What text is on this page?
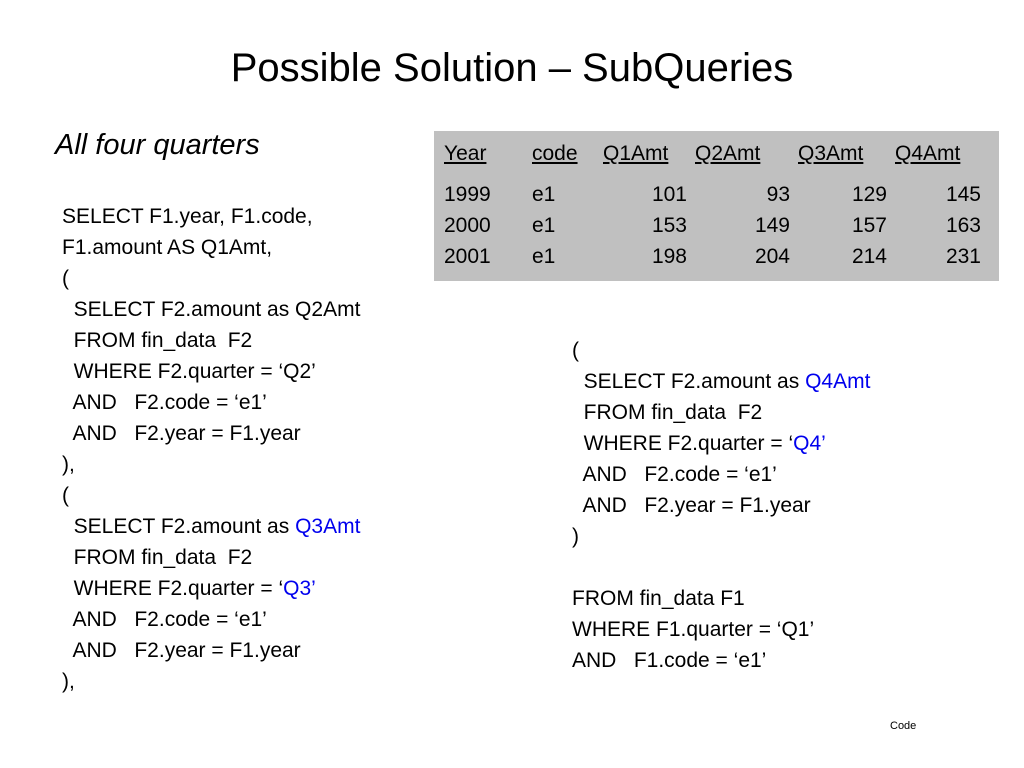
Possible Solution – SubQueries
All four quarters	Year	code	Q1Amt	Q2Amt	Q3Amt	Q4Amt
1999	e1	101	93	129	145
2000	e1	153	149	157	163
2001	e1	198	204	214	231
SELECT F1.year, F1.code,
F1.amount AS Q1Amt,
(
SELECT F2.amount as Q2Amt
FROM fin_data  F2
WHERE F2.quarter = ‘Q2’
AND   F2.code = ‘e1’
AND   F2.year = F1.year
),
(
SELECT F2.amount as Q3Amt
FROM fin_data  F2
WHERE F2.quarter = ‘Q3’
AND   F2.code = ‘e1’
AND   F2.year = F1.year
),
(
SELECT F2.amount as Q4Amt
FROM fin_data  F2
WHERE F2.quarter = ‘Q4’
AND   F2.code = ‘e1’
AND   F2.year = F1.year
)
FROM fin_data F1
WHERE F1.quarter = ‘Q1’
AND   F1.code = ‘e1’
Code
